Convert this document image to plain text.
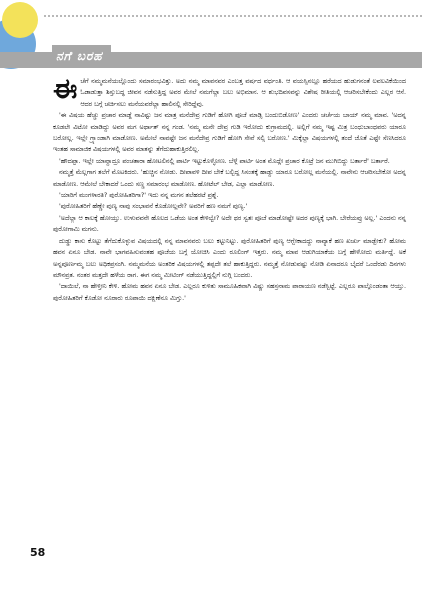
ನಗೆ ಬರಹ

ಈಚೆಗೆ ನಮ್ಮಮನೆಯಲ್ಲೊಂದು ಸಮಾರಂಭವಿತ್ತು. ಅದು ನಮ್ಮ ಮಾವನವರ ಎಂಬತ್ತ ವರ್ಷದ ವರ್ಧಂತಿ. ಆ ವಯಸ್ಸಿನಲ್ಲೂ ಹರೆಯದ ಹುಡುಗನಂತೆ ಲವಲವಿಕೆಯಿಂದ ಓಡಾಡುತ್ತಾ ಶಿಸ್ತುಬದ್ಧ ಜೀವನ ನಡೆಸುತ್ತಿದ್ದ ಅವರ ಮೇಲೆ ನಮಗೆಲ್ಲಾ ಬಲು ಅಭಿಮಾನ. ಆ ಶುಭದಿವಸವನ್ನು ವಿಶೇಷ ರೀತಿಯಲ್ಲಿ ಆಚರಿಸಬೇಕೆಂದು ಎಲ್ಲರ ಆಸೆ. ಆದರ ಬಗ್ಗೆ ಚರ್ಚಿಸಲು ಮನೆಯವರೆಲ್ಲಾ ಹಾಲಿನಲ್ಲಿ ಸೇರಿದ್ದೆವು.

'ಈ ವಿಷಯ ಹೆಚ್ಚು ಪ್ರಚಾರ ಮಾಡ್ದೆ ನಾವಿಷ್ಟು ಜನ ಮಾತ್ರ ಮನೆದೇವ್ರ ಗುಡಿಗೆ ಹೋಗಿ ಪೂಜೆ ಮಾಡ್ಸಿ ಬಂದುಬಿಡೋಣ' ಎಂದರು ಚರ್ಚೆಯ ಬಾಯ್ ನಮ್ಮ ಮಾವ. 'ಅದನ್ನ ಕೂಡಲೇ ವಿಟೋ ಮಾಡಿದ್ದು ಅವರ ಮಗ ಅರ್ಥಾತ್ ನನ್ನ ಗಂಡ. 'ನಮ್ಮ ಮನೇ ದೇವ್ರ ಗುಡಿ ಇರೋದು ಕುಗ್ರಾಮದಲ್ಲಿ. ಅಲ್ಲಿಗೆ ನಮ್ಮ ಇಷ್ಟ ಮಿತ್ರ ಬಂಧುಬಾಂಧವರು ಯಾರೂ ಬರೋಲ್ಲ. ಇಲ್ಲೇ ಗ್ರ್ಯಾಂಡಾಗಿ ಮಾಡೋಣ. ಅಮೇಲೆ ನಾವಷ್ಟೇ ಜನ ಮನೆದೇವ್ರ ಗುಡಿಗೆ ಹೋಗಿ ಸೇವೆ ಸಲ್ಸಿ ಬರೋಣ.' ಮಿಕ್ಕೆಲ್ಲಾ ವಿಷಯಗಳಲ್ಲಿ ತಂದೆ ಜೊತೆ ಎಷ್ಟೇ ಸೆಣಸಿದರೂ ಇಂತಹ ಸಾಮಾಜಿಕ ವಿಷಯಗಳಲ್ಲಿ ಅವರ ಮಾತನ್ನು ತೆಗೆದುಹಾಕುತ್ತಿರಲಿಲ್ಲ.

'ಹೌದಪ್ಪಾ. ಇಲ್ಲೇ ಯಾವ್ದಾದ್ರೂ ಪಂಚತಾರಾ ಹೋಟಲಿನಲ್ಲಿ ಪಾರ್ಟಿ ಇಟ್ಟುಕೊಳ್ಳೋಣ. ಬೆಳ್ಗೆ ಪಾರ್ಟಿ ಅಂತ ಮೊದ್ಲೇ ಪ್ರಚಾರ ಕೊಟ್ರೆ ಜನ ಮುಗಿಬಿದ್ದು ಬರ್ತಾರೆ' ಬರ್ತಾರೆ.

ನಮ್ಮತ್ತೆ ಮೆಲ್ಲಗಾಗ ತಲೆಗೆ ಮೊಟಕಿದರು. 'ಹುಚ್ಚಿನ ನೋಡು. ದೀಪಾವಳಿ ದೀಪ ಬೇಕೆ ಬಲ್ಬಿದ್ದ ಸಿಸಂತಕ್ಕೆ ಹಾಡ್ದು ಯಾರೂ ಬರೋಲ್ಲ ಮನೆಯಲ್ಲಿ. ನಾವೇನು ಆಚರಿಸಬೇಕೋ ಅದನ್ನ ಮಾಡೋಣ. ಆಮೇಲೆ ಬೇಕಾದರೆ ಒಂದು ಸಣ್ಣ ಸಮಾರಂಭ ಮಾಡೋಣ. ಹೋಟೆಲ್ ಬೇಡ, ಎಲ್ಲಾ ಮಾಡೋಣ.

'ಯಾರಿಗೆ ಮಂಗಳಾರತಿ? ಪುರೋಹಿತರಿಗಾ?' ಇದು ನನ್ನ ಮಗನ ತಲೆಹರಟೆ ಪ್ರಶ್ನೆ.

'ಪುರೋಹಿತರಿಗೆ ಹೆಣ್ಣೇ ಪುಣ್ಯ ನಾವು ಸಂಭಾವನೆ ಕೊಡೋಲ್ಲವೇ? ಅವರಿಗೆ ಹಣ ನಮಗೆ ಪುಣ್ಯ.'

'ಅದೆಲ್ಲಾ ಆ ಕಾಲಕ್ಕೆ ಹೋಯ್ತು. ಉಳುವವನೇ ಹೊಲದ ಒಡೆಯ ಅಂತ ಕೇಳಿಲ್ವೇ? ಅದೇ ಥರ ಸ್ವತಃ ಪೂಜೆ ಮಾಡೋಷ್ಟೇ ಅದರ ಪುಣ್ಯಕ್ಕೆ ಭಾಗಿ. ಬೇರೆಯವ್ರು ಅಲ್ಲ.' ಎಂದನು ನನ್ನ ಪುರೋಗಾಮಿ ಮಗನು.

ದುಡ್ಡು ಕಾಸು ಕೊಟ್ಟು ತೆಗೆದುಕೊಳ್ಳುವ ವಿಷಯದಲ್ಲಿ ನನ್ನ ಮಾವನವರು ಬಲು ಕಟ್ಟುನಿಟ್ಟು. ಪುರೋಹಿತರಿಗೆ ಪುಣ್ಯ ಆಗ್ಬೇಕಾದದ್ದು ನಾವ್ಯಾಕೆ ಹಣ ಖರ್ಚು ಮಾಡ್ಬೇಕು? ಹೋಮ ಹವನ ಏನೂ ಬೇಡ. ನಾವೇ ಭಾಗವಹಿಸುವಂತಹ ಪೂಜೆಯ ಬಗ್ಗೆ ಯೋಚಿಸಿ ಎಂದು ರೂಲಿಂಗ್ ಇತ್ತರು. ನಮ್ಮ ಮಾವ ಆಡುಗಿಯಾಕೆಯ ಬಗ್ಗೆ ಹೇಳೋದು ಮರ್ತಿದ್ದೆ. ಅಕೆ ಅನ್ನಪೂರ್ಣಮ್ಮ ಬಲು ಅಧಿಕಪ್ರಸಂಗಿ. ನಮ್ಮಮನೆಯ ಅಂತರಿಕ ವಿಷಯಗಳಲ್ಲಿ ತಪ್ಪದೇ ತಲೆ ಹಾಕುತ್ತಿದ್ದರು. ನಮ್ಮತ್ತೆ ನೋಡುವಷ್ಟು ನೋಡಿ ಏನಾದರೂ ಬೈದರೆ ಒಂದೆರಡು ದಿನಗಳು ಮೌನವ್ರತ. ನಂತರ ಮತ್ತದೇ ಹಳೆಯ ರಾಗ. ಈಗ ನಮ್ಮ ಮೀಟಿಂಗ್ ನಡೆಯುತ್ತಿದ್ದಲ್ಲಿಗೆ ನುಗ್ಗಿ ಬಂದರು.

'ದಾಯಿಲೆ, ನಾ ಹೇಳ್ತೀನಿ ಕೇಳಿ. ಹೋಮ ಹವನ ಏನೂ ಬೇಡ. ಎಲ್ಲರೂ ಕುಳಿತು ಸಾಮೂಹಿಕವಾಗಿ ವಿಷ್ಣು ಸಹಸ್ರನಾಮ ಪಾರಾಯಣ ನಡೆಸ್ಬಿಟ್ಟೆ. ಎಲ್ಲರೂ ಪಾಲ್ಗೊಂಡಂತಾ ಆಯ್ತು. ಪುರೋಹಿತರಿಗೆ ಕೊಡೋ ನೂರಾರು ರೂಪಾಯಿ ದಕ್ಷಿಣೆನೂ ಮಿಗ್ತು.'

58
